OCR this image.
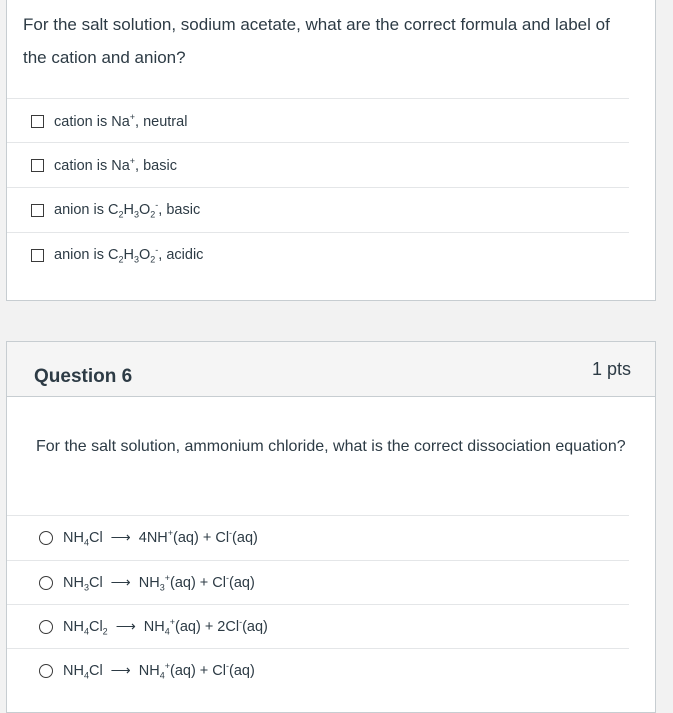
For the salt solution, sodium acetate, what are the correct formula and label of the cation and anion?
cation is Na+, neutral
cation is Na+, basic
anion is $C_2H_3O_2^-$, basic
anion is $C_2H_3O_2^-$, acidic
Question 6	1 pts
For the salt solution, ammonium chloride, what is the correct dissociation equation?
$NH_4Cl$ ⟶ 4NH+(aq) + Cl-(aq)
$NH_3Cl$ ⟶ $NH_3^+(aq) + Cl^-(aq)$
$NH_4Cl_2$ ⟶ $NH_4^+(aq) + 2Cl^-(aq)$
$NH_4Cl$ ⟶ $NH_4^+(aq) + Cl^-(aq)$
